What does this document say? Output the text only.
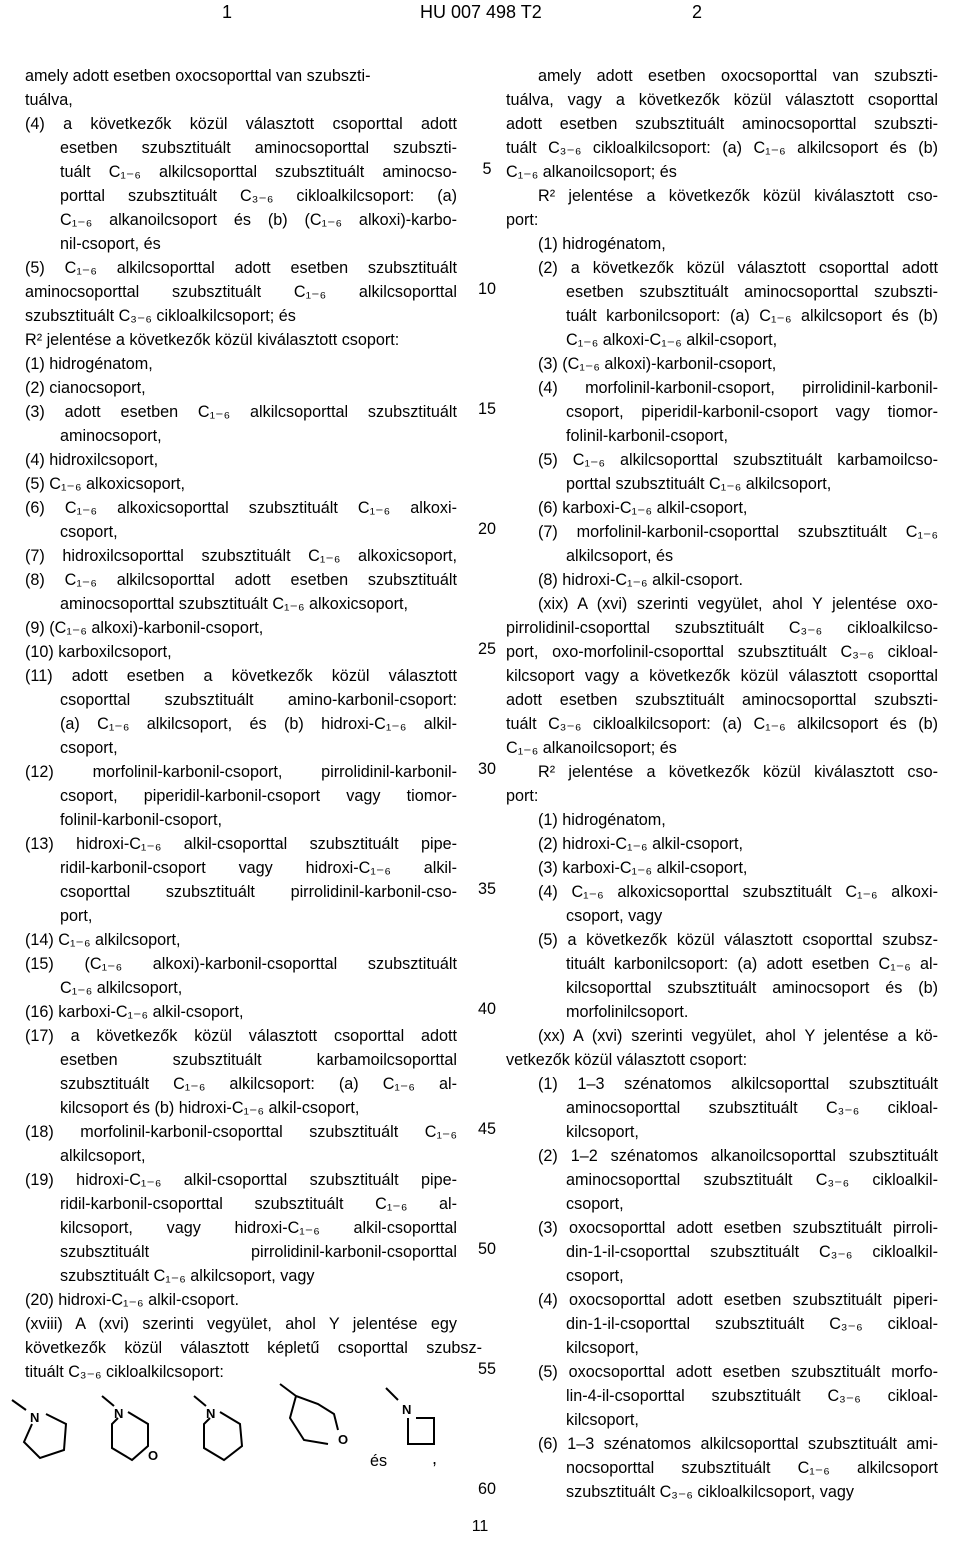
1	HU 007 498 T2	2
amely adott esetben oxocsoporttal van szubszti-
tuálva,
(4) a következők közül választott csoporttal adott
esetben szubsztituált aminocsoporttal szubszti-
tuált C₁₋₆ alkilcsoporttal szubsztituált aminocso-
porttal szubsztituált C₃₋₆ cikloalkilcsoport: (a)
C₁₋₆ alkanoilcsoport és (b) (C₁₋₆ alkoxi)-karbo-
nil-csoport, és
(5) C₁₋₆ alkilcsoporttal adott esetben szubsztituált
aminocsoporttal szubsztituált C₁₋₆ alkilcsoporttal
szubsztituált C₃₋₆ cikloalkilcsoport; és
R² jelentése a következők közül kiválasztott csoport:
(1) hidrogénatom,
(2) cianocsoport,
(3) adott esetben C₁₋₆ alkilcsoporttal szubsztituált
aminocsoport,
(4) hidroxilcsoport,
(5) C₁₋₆ alkoxicsoport,
(6) C₁₋₆ alkoxicsoporttal szubsztituált C₁₋₆ alkoxi-
csoport,
(7) hidroxilcsoporttal szubsztituált C₁₋₆ alkoxicsoport,
(8) C₁₋₆ alkilcsoporttal adott esetben szubsztituált
aminocsoporttal szubsztituált C₁₋₆ alkoxicsoport,
(9) (C₁₋₆ alkoxi)-karbonil-csoport,
(10) karboxilcsoport,
(11) adott esetben a következők közül választott
csoporttal szubsztituált amino-karbonil-csoport:
(a) C₁₋₆ alkilcsoport, és (b) hidroxi-C₁₋₆ alkil-
csoport,
(12) morfolinil-karbonil-csoport, pirrolidinil-karbonil-
csoport, piperidil-karbonil-csoport vagy tiomor-
folinil-karbonil-csoport,
(13) hidroxi-C₁₋₆ alkil-csoporttal szubsztituált pipe-
ridil-karbonil-csoport vagy hidroxi-C₁₋₆ alkil-
csoporttal szubsztituált pirrolidinil-karbonil-cso-
port,
(14) C₁₋₆ alkilcsoport,
(15) (C₁₋₆ alkoxi)-karbonil-csoporttal szubsztituált
C₁₋₆ alkilcsoport,
(16) karboxi-C₁₋₆ alkil-csoport,
(17) a következők közül választott csoporttal adott
esetben szubsztituált karbamoilcsoporttal
szubsztituált C₁₋₆ alkilcsoport: (a) C₁₋₆ al-
kilcsoport és (b) hidroxi-C₁₋₆ alkil-csoport,
(18) morfolinil-karbonil-csoporttal szubsztituált C₁₋₆
alkilcsoport,
(19) hidroxi-C₁₋₆ alkil-csoporttal szubsztituált pipe-
ridil-karbonil-csoporttal szubsztituált C₁₋₆ al-
kilcsoport, vagy hidroxi-C₁₋₆ alkil-csoporttal
szubsztituált pirrolidinil-karbonil-csoporttal
szubsztituált C₁₋₆ alkilcsoport, vagy
(20) hidroxi-C₁₋₆ alkil-csoport.
(xviii) A (xvi) szerinti vegyület, ahol Y jelentése egy
következők közül választott képletű csoporttal szubsz-
tituált C₃₋₆ cikloalkilcsoport:
amely adott esetben oxocsoporttal van szubszti-
tuálva, vagy a következők közül választott csoporttal
adott esetben szubsztituált aminocsoporttal szubszti-
tuált C₃₋₆ cikloalkilcsoport: (a) C₁₋₆ alkilcsoport és (b)
C₁₋₆ alkanoilcsoport; és
R² jelentése a következők közül kiválasztott cso-
port:
(1) hidrogénatom,
(2) a következők közül választott csoporttal adott
esetben szubsztituált aminocsoporttal szubszti-
tuált karbonilcsoport: (a) C₁₋₆ alkilcsoport és (b)
C₁₋₆ alkoxi-C₁₋₆ alkil-csoport,
(3) (C₁₋₆ alkoxi)-karbonil-csoport,
(4) morfolinil-karbonil-csoport, pirrolidinil-karbonil-
csoport, piperidil-karbonil-csoport vagy tiomor-
folinil-karbonil-csoport,
(5) C₁₋₆ alkilcsoporttal szubsztituált karbamoilcso-
porttal szubsztituált C₁₋₆ alkilcsoport,
(6) karboxi-C₁₋₆ alkil-csoport,
(7) morfolinil-karbonil-csoporttal szubsztituált C₁₋₆
alkilcsoport, és
(8) hidroxi-C₁₋₆ alkil-csoport.
(xix) A (xvi) szerinti vegyület, ahol Y jelentése oxo-
pirrolidinil-csoporttal szubsztituált C₃₋₆ cikloalkilcso-
port, oxo-morfolinil-csoporttal szubsztituált C₃₋₆ cikloal-
kilcsoport vagy a következők közül választott csoporttal
adott esetben szubsztituált aminocsoporttal szubszti-
tuált C₃₋₆ cikloalkilcsoport: (a) C₁₋₆ alkilcsoport és (b)
C₁₋₆ alkanoilcsoport; és
R² jelentése a következők közül kiválasztott cso-
port:
(1) hidrogénatom,
(2) hidroxi-C₁₋₆ alkil-csoport,
(3) karboxi-C₁₋₆ alkil-csoport,
(4) C₁₋₆ alkoxicsoporttal szubsztituált C₁₋₆ alkoxi-
csoport, vagy
(5) a következők közül választott csoporttal szubsz-
tituált karbonilcsoport: (a) adott esetben C₁₋₆ al-
kilcsoporttal szubsztituált aminocsoport és (b)
morfolinilcsoport.
(xx) A (xvi) szerinti vegyület, ahol Y jelentése a kö-
vetkezők közül választott csoport:
(1) 1–3 szénatomos alkilcsoporttal szubsztituált
aminocsoporttal szubsztituált C₃₋₆ cikloal-
kilcsoport,
(2) 1–2 szénatomos alkanoilcsoporttal szubsztituált
aminocsoporttal szubsztituált C₃₋₆ cikloalkil-
csoport,
(3) oxocsoporttal adott esetben szubsztituált pirroli-
din-1-il-csoporttal szubsztituált C₃₋₆ cikloalkil-
csoport,
(4) oxocsoporttal adott esetben szubsztituált piperi-
din-1-il-csoporttal szubsztituált C₃₋₆ cikloal-
kilcsoport,
(5) oxocsoporttal adott esetben szubsztituált morfo-
lin-4-il-csoporttal szubsztituált C₃₋₆ cikloal-
kilcsoport,
(6) 1–3 szénatomos alkilcsoporttal szubsztituált ami-
nocsoporttal szubsztituált C₁₋₆ alkilcsoport
szubsztituált C₃₋₆ cikloalkilcsoport, vagy
5
10
15
20
25
30
35
40
45
50
55
60
N	N
O
N
O
N
és ,
11
